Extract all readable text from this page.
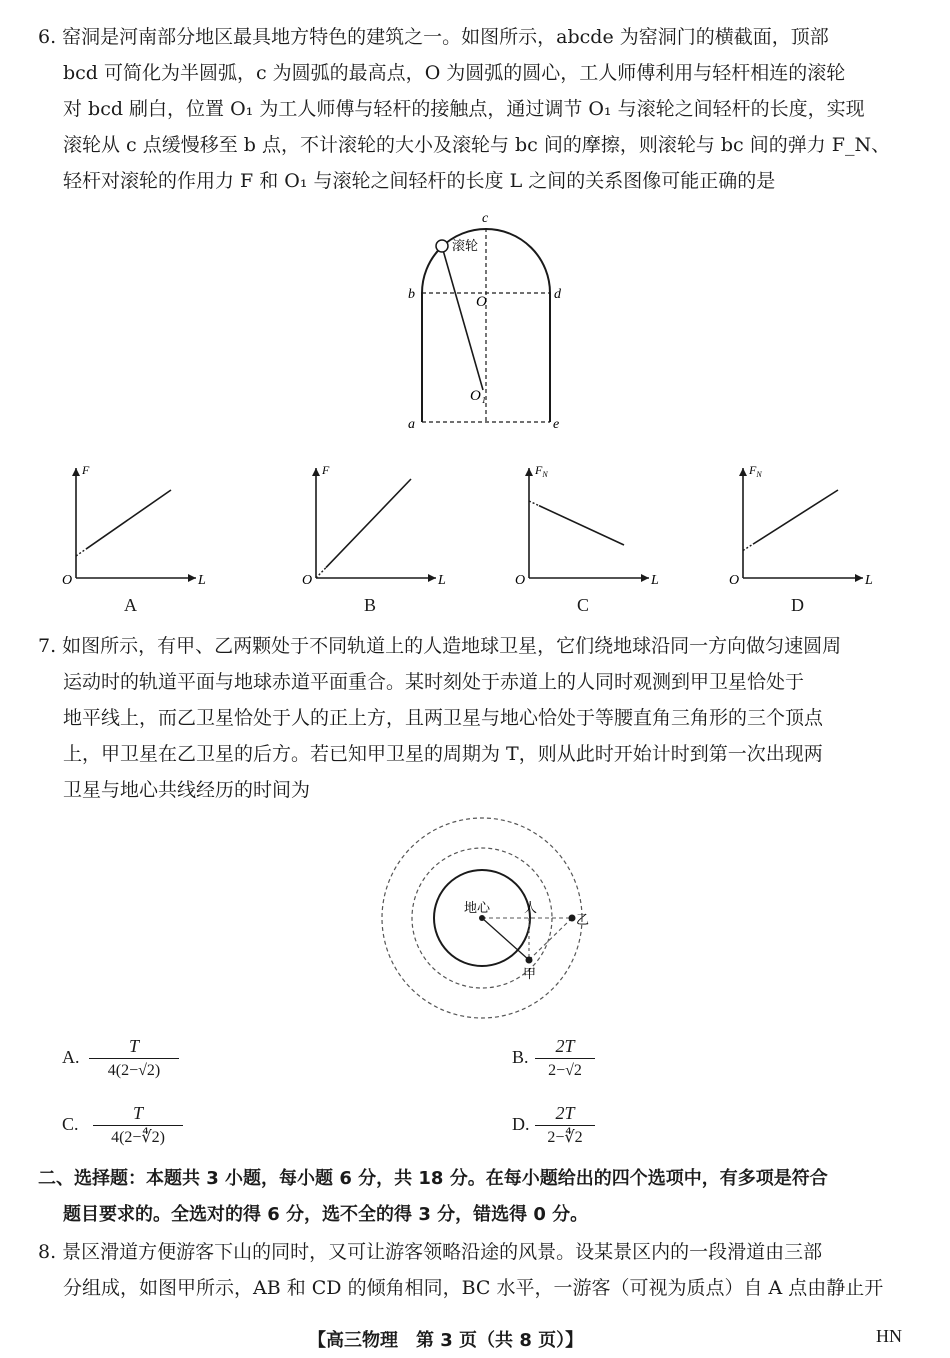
6. 窑洞是河南部分地区最具地方特色的建筑之一。如图所示，abcde 为窑洞门的横截面，顶部
bcd 可简化为半圆弧，c 为圆弧的最高点，O 为圆弧的圆心，工人师傅利用与轻杆相连的滚轮
对 bcd 刷白，位置 O₁ 为工人师傅与轻杆的接触点，通过调节 O₁ 与滚轮之间轻杆的长度，实现
滚轮从 c 点缓慢移至 b 点，不计滚轮的大小及滚轮与 bc 间的摩擦，则滚轮与 bc 间的弹力 F_N、
轻杆对滚轮的作用力 F 和 O₁ 与滚轮之间轻杆的长度 L 之间的关系图像可能正确的是
滚轮
c
b	d
O
O₁
a	e
O	L
F
O	L
F
O	L
$F_N$
O	L
$F_N$
A	B	C	D
7. 如图所示，有甲、乙两颗处于不同轨道上的人造地球卫星，它们绕地球沿同一方向做匀速圆周
运动时的轨道平面与地球赤道平面重合。某时刻处于赤道上的人同时观测到甲卫星恰处于
地平线上，而乙卫星恰处于人的正上方，且两卫星与地心恰处于等腰直角三角形的三个顶点
上，甲卫星在乙卫星的后方。若已知甲卫星的周期为 T，则从此时开始计时到第一次出现两
卫星与地心共线经历的时间为
地心	人
甲
乙
A.
T
4(2−√2)
B.
2T
2−√2
C.
T
4(2−∜2)
D.
2T
2−∜2
二、选择题：本题共 3 小题，每小题 6 分，共 18 分。在每小题给出的四个选项中，有多项是符合
题目要求的。全选对的得 6 分，选不全的得 3 分，错选得 0 分。
8. 景区滑道方便游客下山的同时，又可让游客领略沿途的风景。设某景区内的一段滑道由三部
分组成，如图甲所示，AB 和 CD 的倾角相同，BC 水平，一游客（可视为质点）自 A 点由静止开
【高三物理　第 3 页（共 8 页）】	HN
